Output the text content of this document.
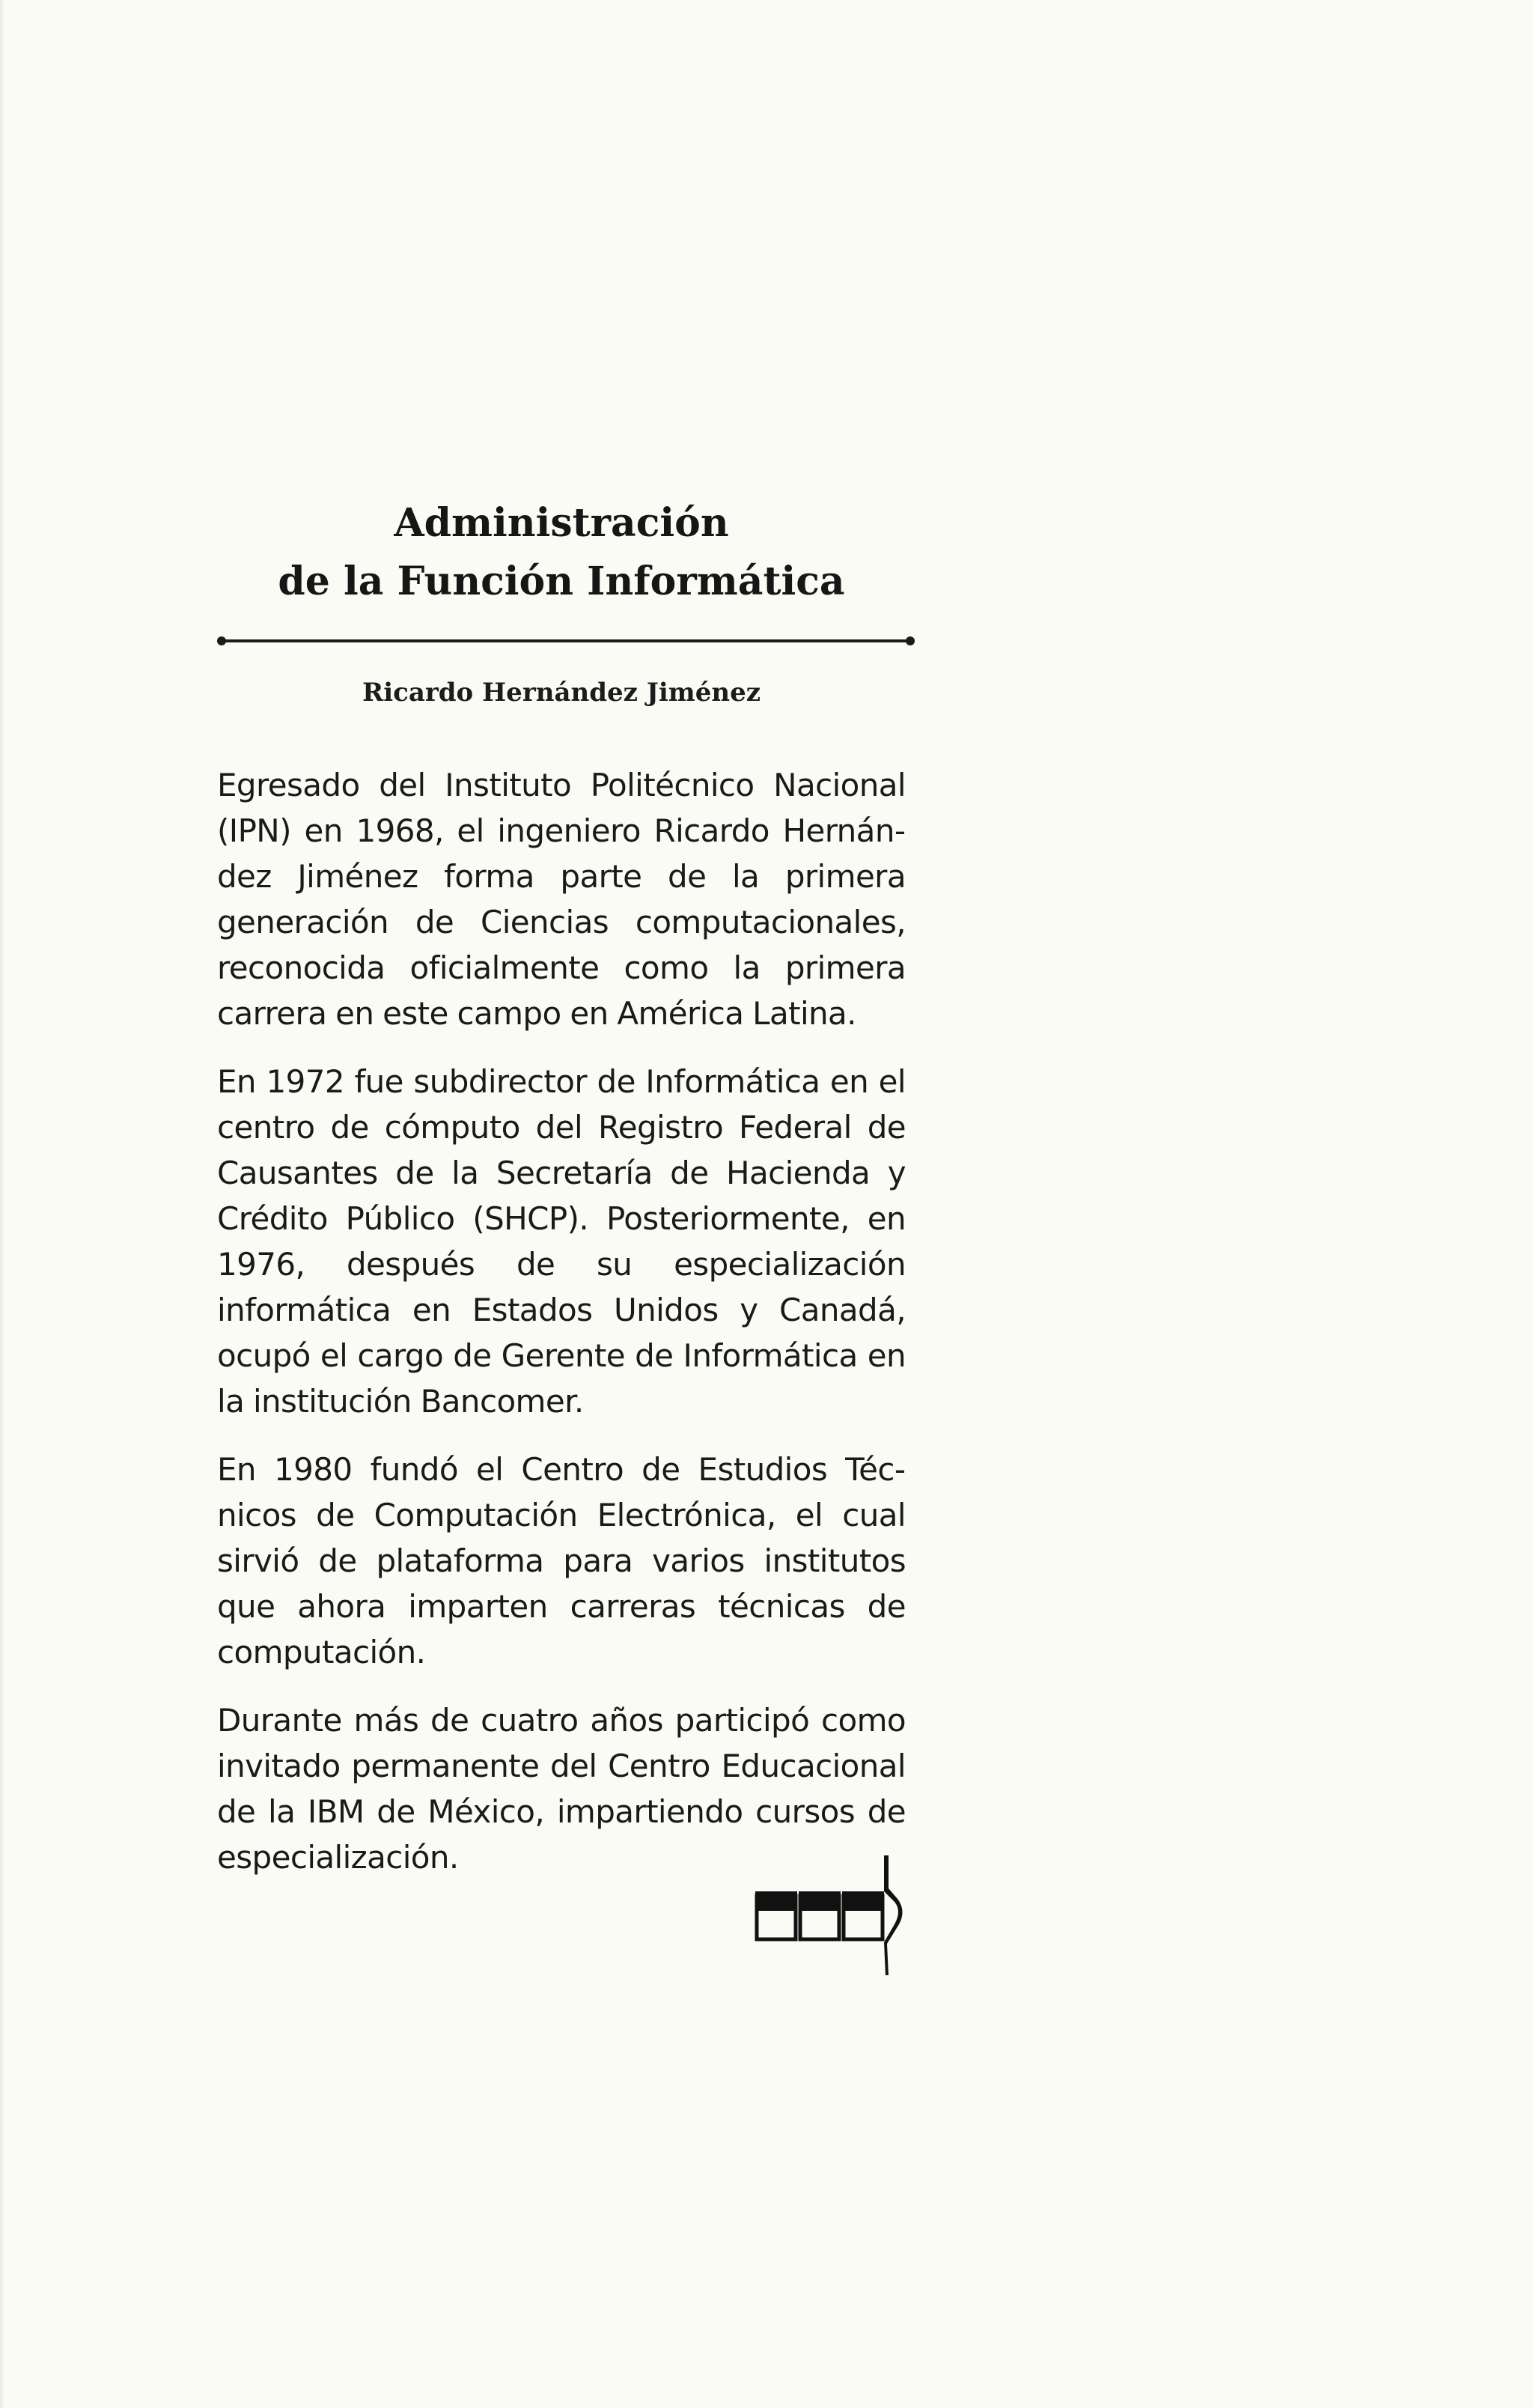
Administración
de la Función Informática
Ricardo Hernández Jiménez

Egresado del Instituto Politécnico Nacional (IPN) en 1968, el ingeniero Ricardo Hernández Jiménez forma parte de la primera generación de Ciencias computacionales, reconocida oficialmente como la primera carrera en este campo en América Latina.

En 1972 fue subdirector de Informática en el centro de cómputo del Registro Federal de Causantes de la Secretaría de Hacienda y Crédito Público (SHCP). Posteriormente, en 1976, después de su especialización informática en Estados Unidos y Canadá, ocupó el cargo de Gerente de Informática en la institución Bancomer.

En 1980 fundó el Centro de Estudios Técnicos de Computación Electrónica, el cual sirvió de plataforma para varios institutos que ahora imparten carreras técnicas de computación.

Durante más de cuatro años participó como invitado permanente del Centro Educacional de la IBM de México, impartiendo cursos de especialización.
